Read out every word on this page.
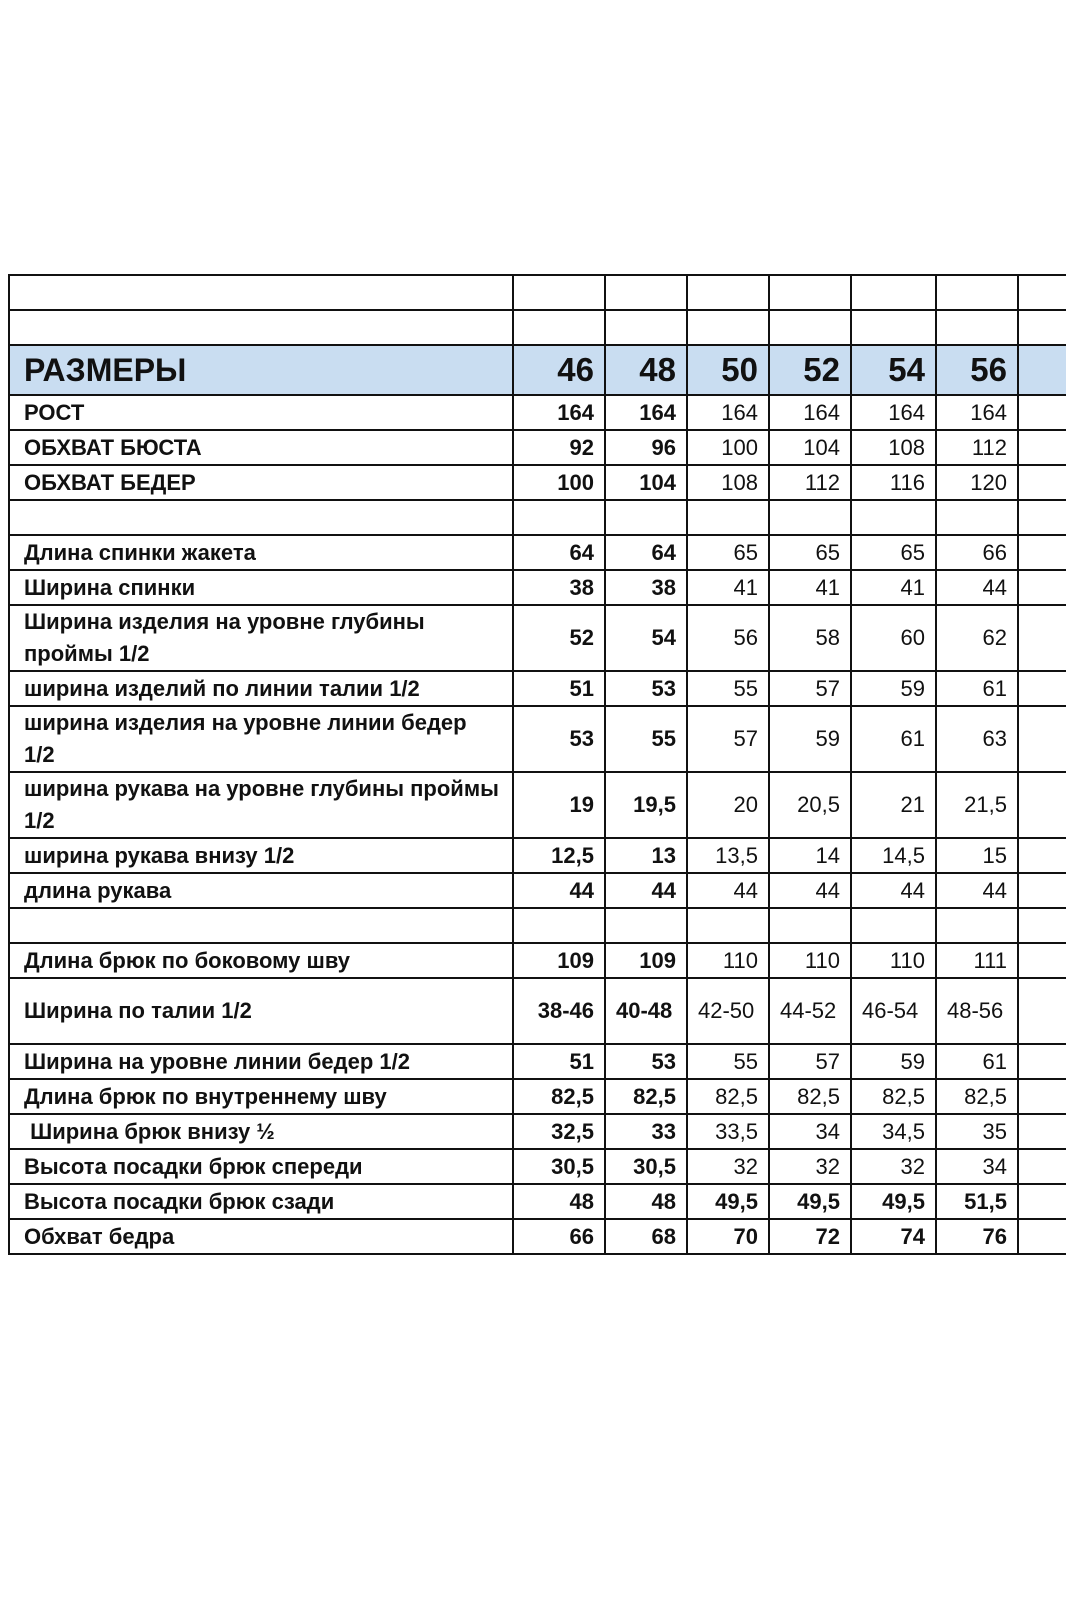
РАЗМЕРЫ	46	48	50	52	54	56	
РОСТ	164	164	164	164	164	164	
ОБХВАТ БЮСТА	92	96	100	104	108	112	
ОБХВАТ БЕДЕР	100	104	108	112	116	120	

Длина спинки жакета	64	64	65	65	65	66	
Ширина спинки	38	38	41	41	41	44	
Ширина изделия на уровне глубины проймы 1/2	52	54	56	58	60	62	
ширина изделий по линии талии 1/2	51	53	55	57	59	61	
ширина изделия на уровне линии бедер 1/2	53	55	57	59	61	63	
ширина рукава на уровне глубины проймы 1/2	19	19,5	20	20,5	21	21,5	
ширина рукава внизу 1/2	12,5	13	13,5	14	14,5	15	
длина рукава	44	44	44	44	44	44	

Длина брюк по боковому шву	109	109	110	110	110	111	
Ширина по талии 1/2	38-46	40-48	42-50	44-52	46-54	48-56	
Ширина на уровне линии бедер 1/2	51	53	55	57	59	61	
Длина брюк по внутреннему шву	82,5	82,5	82,5	82,5	82,5	82,5	
Ширина брюк внизу ½	32,5	33	33,5	34	34,5	35	
Высота посадки брюк спереди	30,5	30,5	32	32	32	34	
Высота посадки брюк сзади	48	48	49,5	49,5	49,5	51,5	
Обхват бедра	66	68	70	72	74	76	
